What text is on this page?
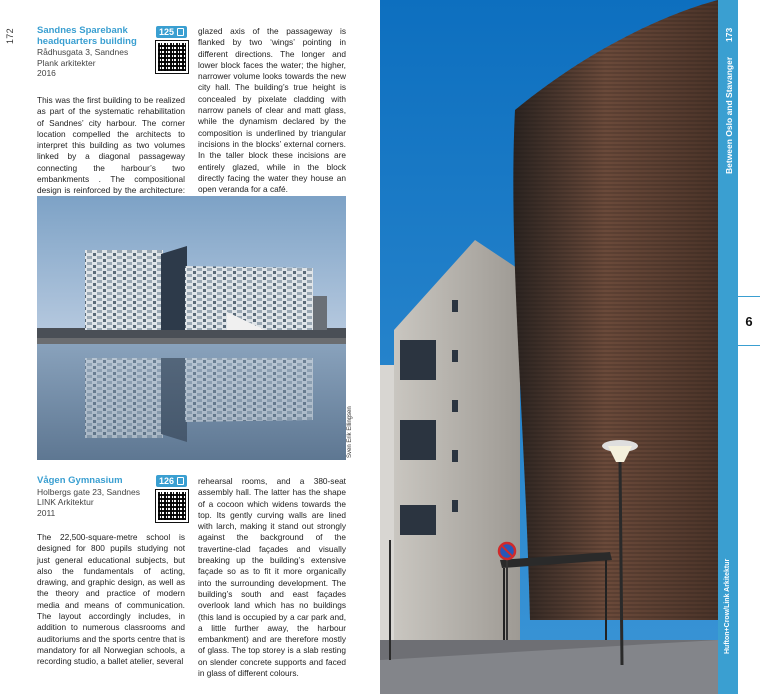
172 Sandnes Sparebank
headquarters building
Rådhusgata 3, Sandnes
Plank arkitekter
2016
125
This was the first building to be realized as part of the systematic rehabilitation of Sandnes’ city harbour. The corner location compelled the architects to interpret this building as two volumes linked by a diagonal passageway connecting the harbour’s two embankments . The compositional design is reinforced by the architecture:
glazed axis of the passageway is flanked by two ‘wings’ pointing in different directions. The longer and lower block faces the water; the higher, narrower volume looks towards the new city hall. The building’s true height is concealed by pixelate cladding with narrow panels of clear and matt glass, while the dynamism declared by the composition is underlined by triangular incisions in the blocks’ external corners. In the taller block these incisions are entirely glazed, while in the block directly facing the water they house an open veranda for a café.
Sven Erik Ellingsen
Vågen Gymnasium
Holbergs gate 23, Sandnes
LINK Arkitektur
2011
126
The 22,500-square-metre school is designed for 800 pupils studying not just general educational subjects, but also the fundamentals of acting, drawing, and graphic design, as well as the theory and practice of modern media and means of communication. The layout accordingly includes, in addition to numerous classrooms and auditoriums and the sports centre that is mandatory for all Norwegian schools, a recording studio, a ballet atelier, several
rehearsal rooms, and a 380-seat assembly hall. The latter has the shape of a cocoon which widens towards the top. Its gently curving walls are lined with larch, making it stand out strongly against the background of the travertine-clad façades and visually breaking up the building’s extensive façade so as to fit it more organically into the surrounding development. The building’s south and east façades overlook land which has no buildings (this land is occupied by a car park and, a little further away, the harbour embankment) and are therefore mostly of glass. The top storey is a slab resting on slender concrete supports and faced in glass of different colours.
173
Between Oslo and Stavanger
6
Hufton+Crow/Link Arkitektur
